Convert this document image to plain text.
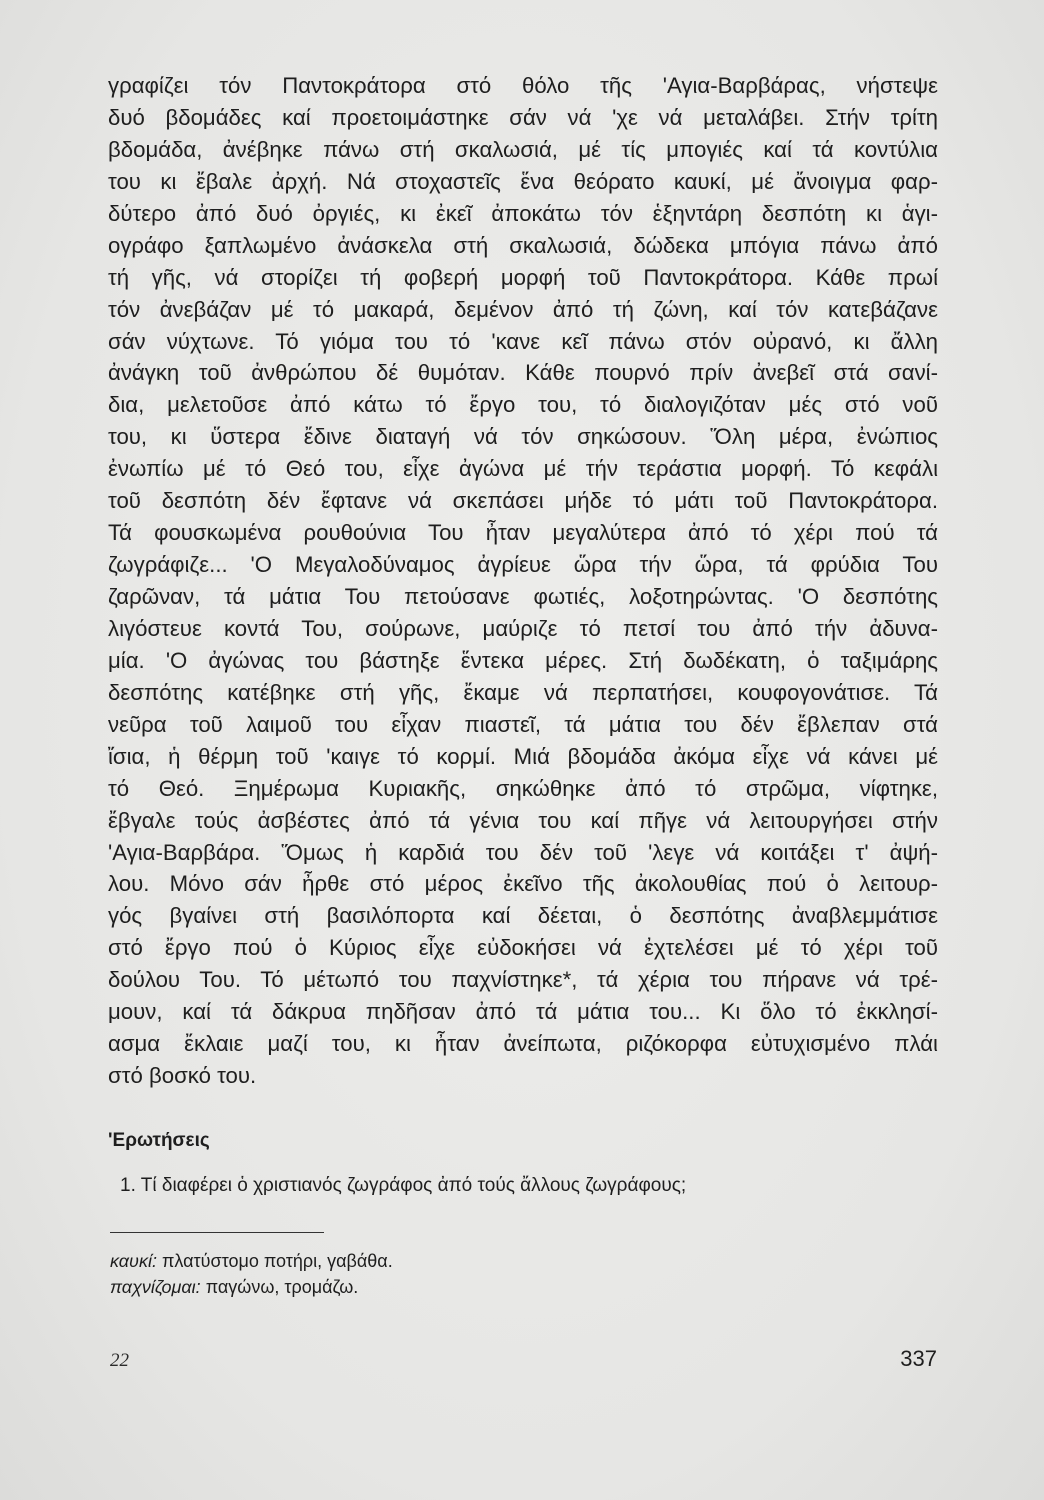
γραφίζει τόν Παντοκράτορα στό θόλο τῆς 'Αγια-Βαρβάρας, νήστεψε
δυό βδομάδες καί προετοιμάστηκε σάν νά 'χε νά μεταλάβει. Στήν τρίτη
βδομάδα, ἀνέβηκε πάνω στή σκαλωσιά, μέ τίς μπογιές καί τά κοντύλια
του κι ἔβαλε ἀρχή. Νά στοχαστεῖς ἕνα θεόρατο καυκί, μέ ἄνοιγμα φαρ-
δύτερο ἀπό δυό ὀργιές, κι ἐκεῖ ἀποκάτω τόν ἑξηντάρη δεσπότη κι ἁγι-
ογράφο ξαπλωμένο ἀνάσκελα στή σκαλωσιά, δώδεκα μπόγια πάνω ἀπό
τή γῆς, νά στορίζει τή φοβερή μορφή τοῦ Παντοκράτορα. Κάθε πρωί
τόν ἀνεβάζαν μέ τό μακαρά, δεμένον ἀπό τή ζώνη, καί τόν κατεβάζανε
σάν νύχτωνε. Τό γιόμα του τό 'κανε κεῖ πάνω στόν οὐρανό, κι ἄλλη
ἀνάγκη τοῦ ἀνθρώπου δέ θυμόταν. Κάθε πουρνό πρίν ἀνεβεῖ στά σανί-
δια, μελετοῦσε ἀπό κάτω τό ἔργο του, τό διαλογιζόταν μές στό νοῦ
του, κι ὕστερα ἔδινε διαταγή νά τόν σηκώσουν. Ὅλη μέρα, ἐνώπιος
ἐνωπίω μέ τό Θεό του, εἶχε ἀγώνα μέ τήν τεράστια μορφή. Τό κεφάλι
τοῦ δεσπότη δέν ἔφτανε νά σκεπάσει μήδε τό μάτι τοῦ Παντοκράτορα.
Τά φουσκωμένα ρουθούνια Του ἦταν μεγαλύτερα ἀπό τό χέρι πού τά
ζωγράφιζε... 'Ο Μεγαλοδύναμος ἀγρίευε ὥρα τήν ὥρα, τά φρύδια Του
ζαρῶναν, τά μάτια Του πετούσανε φωτιές, λοξοτηρώντας. 'Ο δεσπότης
λιγόστευε κοντά Του, σούρωνε, μαύριζε τό πετσί του ἀπό τήν ἀδυνα-
μία. 'Ο ἀγώνας του βάστηξε ἕντεκα μέρες. Στή δωδέκατη, ὁ ταξιμάρης
δεσπότης κατέβηκε στή γῆς, ἔκαμε νά περπατήσει, κουφογονάτισε. Τά
νεῦρα τοῦ λαιμοῦ του εἶχαν πιαστεῖ, τά μάτια του δέν ἔβλεπαν στά
ἴσια, ἡ θέρμη τοῦ 'καιγε τό κορμί. Μιά βδομάδα ἀκόμα εἶχε νά κάνει μέ
τό Θεό. Ξημέρωμα Κυριακῆς, σηκώθηκε ἀπό τό στρῶμα, νίφτηκε,
ἔβγαλε τούς ἀσβέστες ἀπό τά γένια του καί πῆγε νά λειτουργήσει στήν
'Αγια-Βαρβάρα. Ὅμως ἡ καρδιά του δέν τοῦ 'λεγε νά κοιτάξει τ' ἀψή-
λου. Μόνο σάν ἦρθε στό μέρος ἐκεῖνο τῆς ἀκολουθίας πού ὁ λειτουρ-
γός βγαίνει στή βασιλόπορτα καί δέεται, ὁ δεσπότης ἀναβλεμμάτισε
στό ἔργο πού ὁ Κύριος εἶχε εὐδοκήσει νά ἐχτελέσει μέ τό χέρι τοῦ
δούλου Του. Τό μέτωπό του παχνίστηκε*, τά χέρια του πήρανε νά τρέ-
μουν, καί τά δάκρυα πηδῆσαν ἀπό τά μάτια του... Κι ὅλο τό ἐκκλησί-
ασμα ἔκλαιε μαζί του, κι ἦταν ἀνείπωτα, ριζόκορφα εὐτυχισμένο πλάι
στό βοσκό του.
'Ερωτήσεις
1. Τί διαφέρει ὁ χριστιανός ζωγράφος ἀπό τούς ἄλλους ζωγράφους;
καυκί: πλατύστομο ποτήρι, γαβάθα.
παχνίζομαι: παγώνω, τρομάζω.
22	337
